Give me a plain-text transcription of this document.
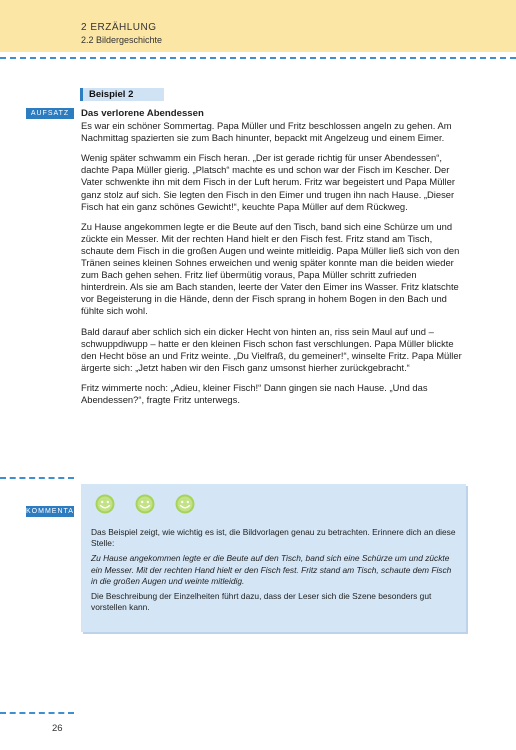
2 ERZÄHLUNG
2.2 Bildergeschichte
Beispiel 2
AUFSATZ	Das verlorene Abendessen

Es war ein schöner Sommertag. Papa Müller und Fritz beschlossen angeln zu gehen. Am Nachmittag spazierten sie zum Bach hinunter, bepackt mit Angelzeug und einem Eimer.

Wenig später schwamm ein Fisch heran. „Der ist gerade richtig für unser Abendessen“, dachte Papa Müller gierig. „Platsch“ machte es und schon war der Fisch im Kescher. Der Vater schwenkte ihn mit dem Fisch in der Luft herum. Fritz war begeistert und Papa Müller ganz stolz auf sich. Sie legten den Fisch in den Eimer und trugen ihn nach Hause. „Dieser Fisch hat ein ganz schönes Gewicht!“, keuchte Papa Müller auf dem Rückweg.

Zu Hause angekommen legte er die Beute auf den Tisch, band sich eine Schürze um und zückte ein Messer. Mit der rechten Hand hielt er den Fisch fest. Fritz stand am Tisch, schaute dem Fisch in die großen Augen und weinte mitleidig. Papa Müller ließ sich von den Tränen seines kleinen Sohnes erweichen und wenig später konnte man die beiden wieder zum Bach gehen sehen. Fritz lief übermütig voraus, Papa Müller schritt zufrieden hinterdrein. Als sie am Bach standen, leerte der Vater den Eimer ins Wasser. Fritz klatschte vor Begeisterung in die Hände, denn der Fisch sprang in hohem Bogen in den Bach und fühlte sich wohl.

Bald darauf aber schlich sich ein dicker Hecht von hinten an, riss sein Maul auf und – schwuppdiwupp – hatte er den kleinen Fisch schon fast verschlungen. Papa Müller blickte den Hecht böse an und Fritz weinte. „Du Vielfraß, du gemeiner!“, winselte Fritz. Papa Müller ärgerte sich: „Jetzt haben wir den Fisch ganz umsonst hierher zurückgebracht.“

Fritz wimmerte noch: „Adieu, kleiner Fisch!“ Dann gingen sie nach Hause. „Und das Abendessen?“, fragte Fritz unterwegs.

KOMMENTAR

Das Beispiel zeigt, wie wichtig es ist, die Bildvorlagen genau zu betrachten. Erinnere dich an diese Stelle:

Zu Hause angekommen legte er die Beute auf den Tisch, band sich eine Schürze um und zückte ein Messer. Mit der rechten Hand hielt er den Fisch fest. Fritz stand am Tisch, schaute dem Fisch in die großen Augen und weinte mitleidig.

Die Beschreibung der Einzelheiten führt dazu, dass der Leser sich die Szene besonders gut vorstellen kann.

26
